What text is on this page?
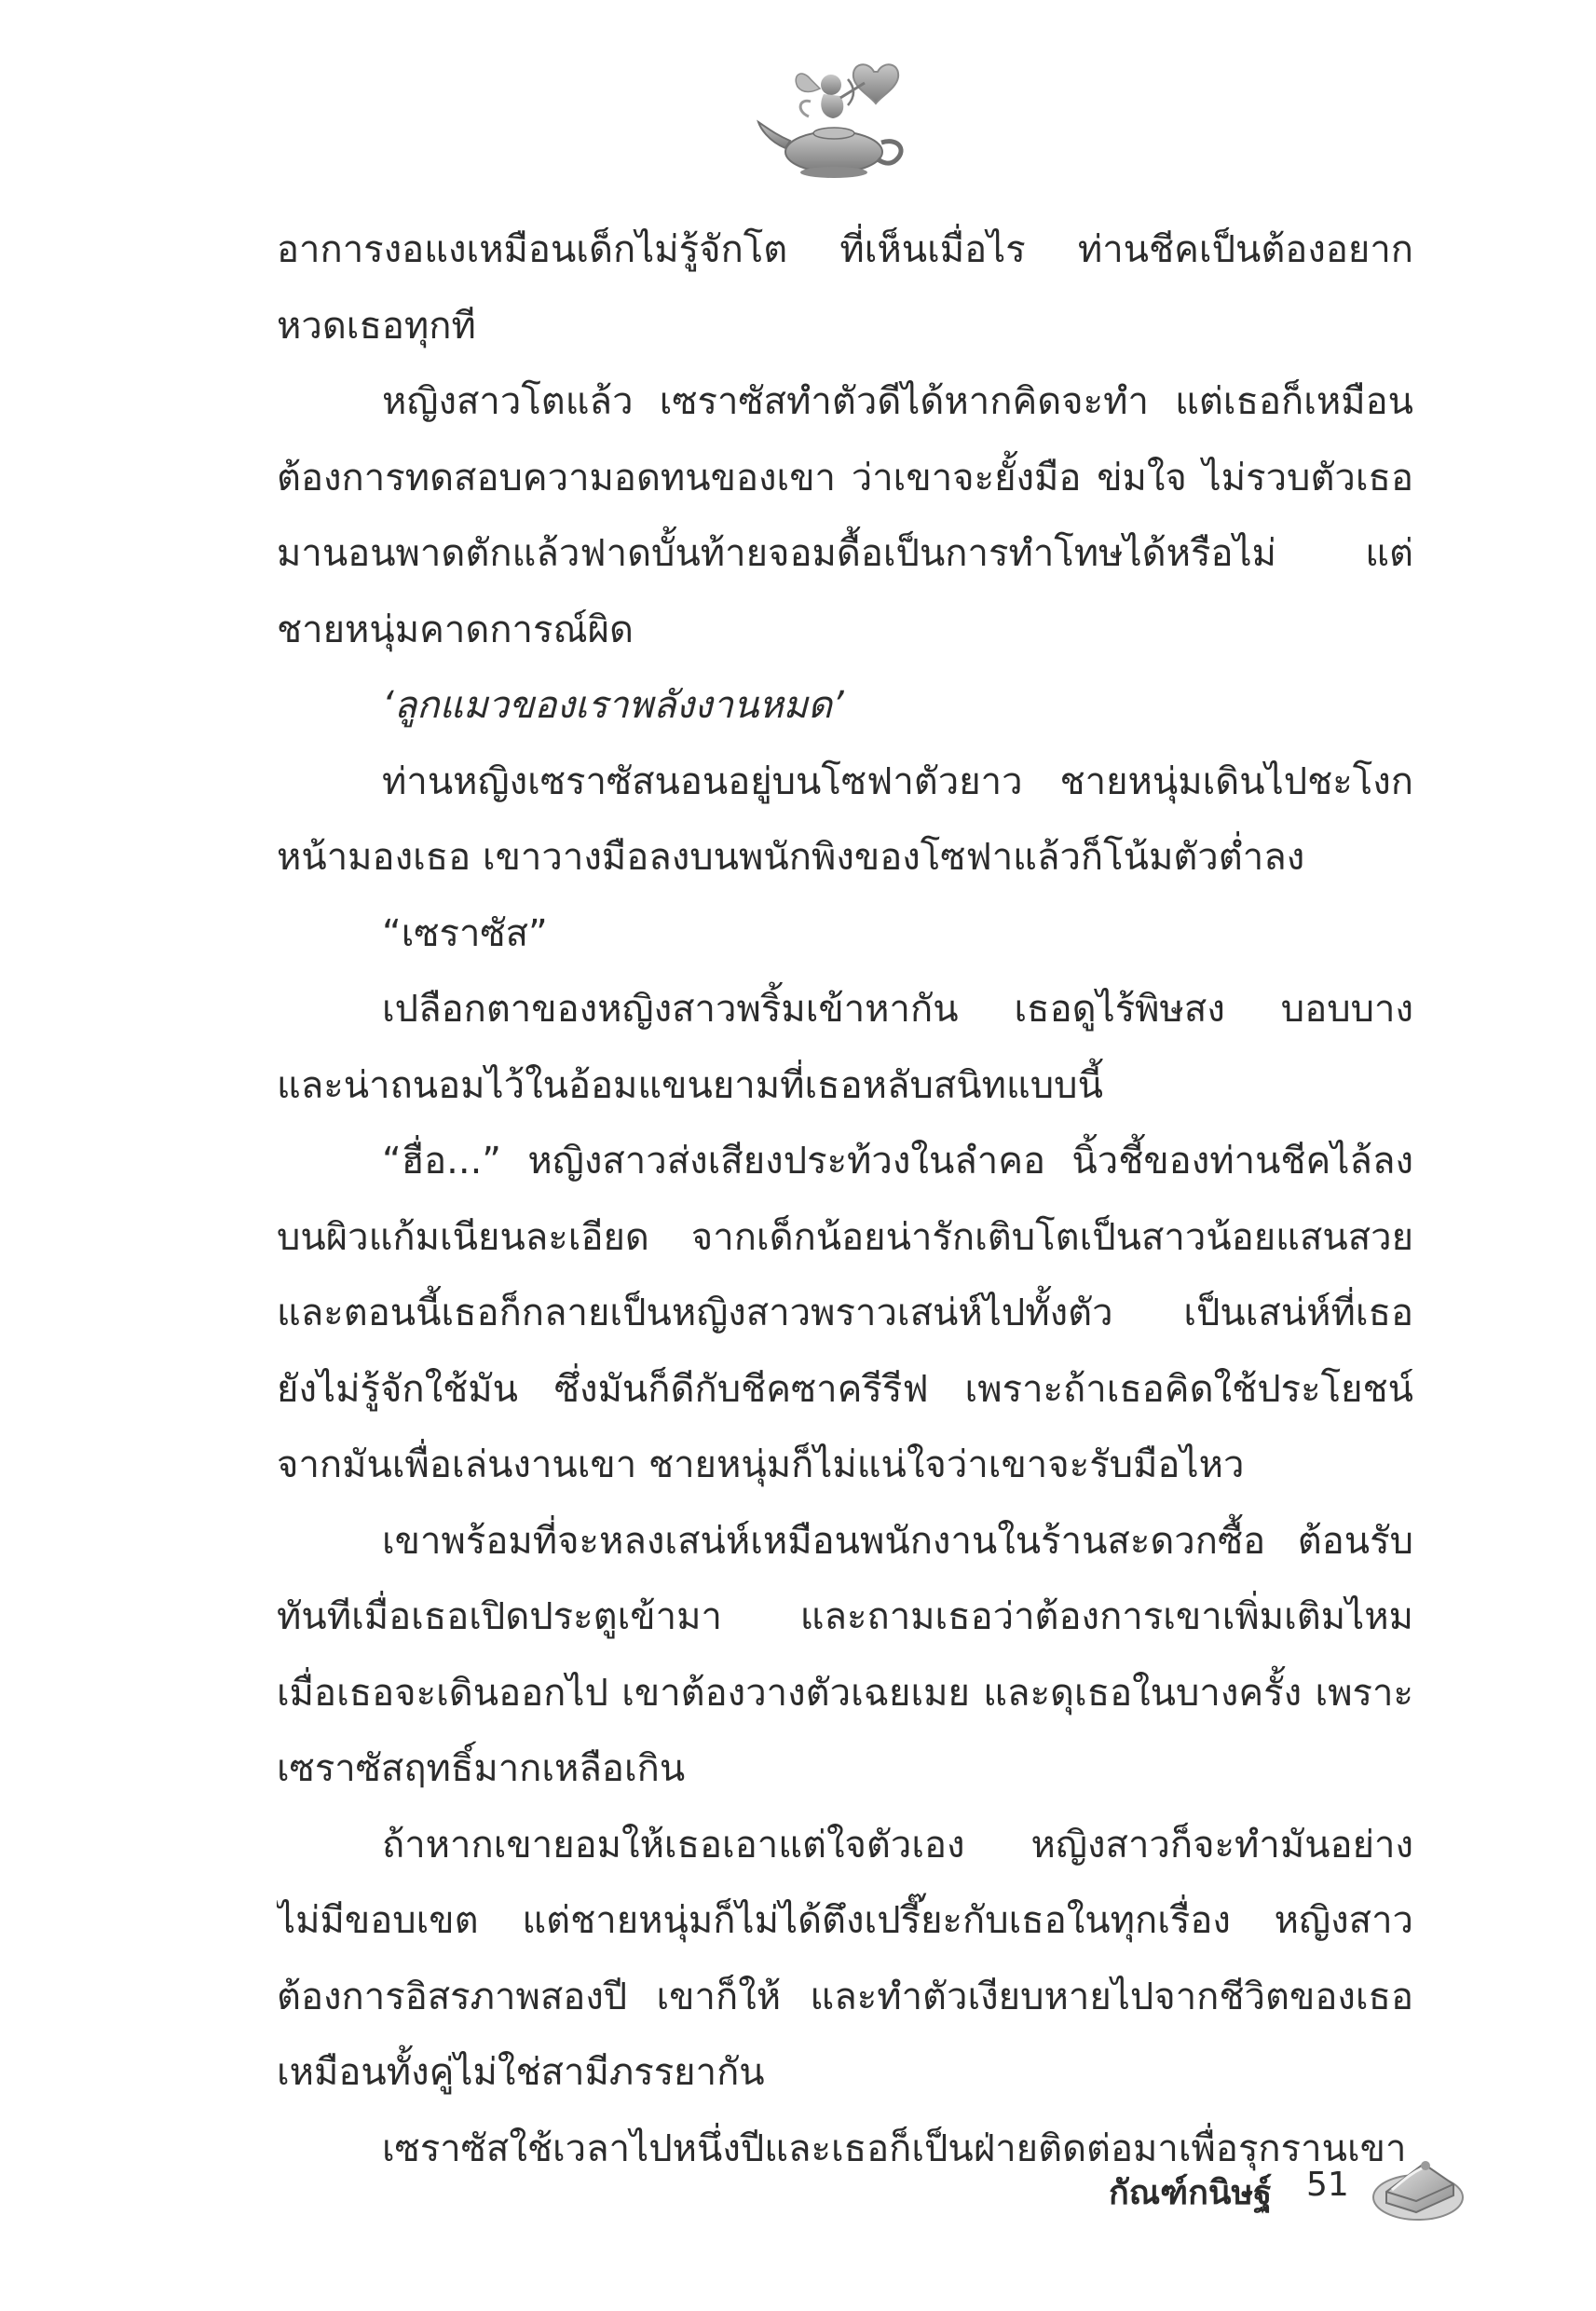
อาการงอแงเหมือนเด็กไม่รู้จักโต ที่เห็นเมื่อไร ท่านชีคเป็นต้องอยาก
หวดเธอทุกที
หญิงสาวโตแล้ว เซราซัสทำตัวดีได้หากคิดจะทำ แต่เธอก็เหมือน
ต้องการทดสอบความอดทนของเขา ว่าเขาจะยั้งมือ ข่มใจ ไม่รวบตัวเธอ
มานอนพาดตักแล้วฟาดบั้นท้ายจอมดื้อเป็นการทำโทษได้หรือไม่ แต่
ชายหนุ่มคาดการณ์ผิด
‘ลูกแมวของเราพลังงานหมด’
ท่านหญิงเซราซัสนอนอยู่บนโซฟาตัวยาว ชายหนุ่มเดินไปชะโงก
หน้ามองเธอ เขาวางมือลงบนพนักพิงของโซฟาแล้วก็โน้มตัวต่ำลง
“เซราซัส”
เปลือกตาของหญิงสาวพริ้มเข้าหากัน เธอดูไร้พิษสง บอบบาง
และน่าถนอมไว้ในอ้อมแขนยามที่เธอหลับสนิทแบบนี้
“ฮื่อ...” หญิงสาวส่งเสียงประท้วงในลำคอ นิ้วชี้ของท่านชีคไล้ลง
บนผิวแก้มเนียนละเอียด จากเด็กน้อยน่ารักเติบโตเป็นสาวน้อยแสนสวย
และตอนนี้เธอก็กลายเป็นหญิงสาวพราวเสน่ห์ไปทั้งตัว เป็นเสน่ห์ที่เธอ
ยังไม่รู้จักใช้มัน ซึ่งมันก็ดีกับชีคซาครีรีฟ เพราะถ้าเธอคิดใช้ประโยชน์
จากมันเพื่อเล่นงานเขา ชายหนุ่มก็ไม่แน่ใจว่าเขาจะรับมือไหว
เขาพร้อมที่จะหลงเสน่ห์เหมือนพนักงานในร้านสะดวกซื้อ ต้อนรับ
ทันทีเมื่อเธอเปิดประตูเข้ามา และถามเธอว่าต้องการเขาเพิ่มเติมไหม
เมื่อเธอจะเดินออกไป เขาต้องวางตัวเฉยเมย และดุเธอในบางครั้ง เพราะ
เซราซัสฤทธิ์มากเหลือเกิน
ถ้าหากเขายอมให้เธอเอาแต่ใจตัวเอง หญิงสาวก็จะทำมันอย่าง
ไม่มีขอบเขต แต่ชายหนุ่มก็ไม่ได้ตึงเปรี๊ยะกับเธอในทุกเรื่อง หญิงสาว
ต้องการอิสรภาพสองปี เขาก็ให้ และทำตัวเงียบหายไปจากชีวิตของเธอ
เหมือนทั้งคู่ไม่ใช่สามีภรรยากัน
เซราซัสใช้เวลาไปหนึ่งปีและเธอก็เป็นฝ่ายติดต่อมาเพื่อรุกรานเขา
กัณฑ์กนิษฐ์ 51
